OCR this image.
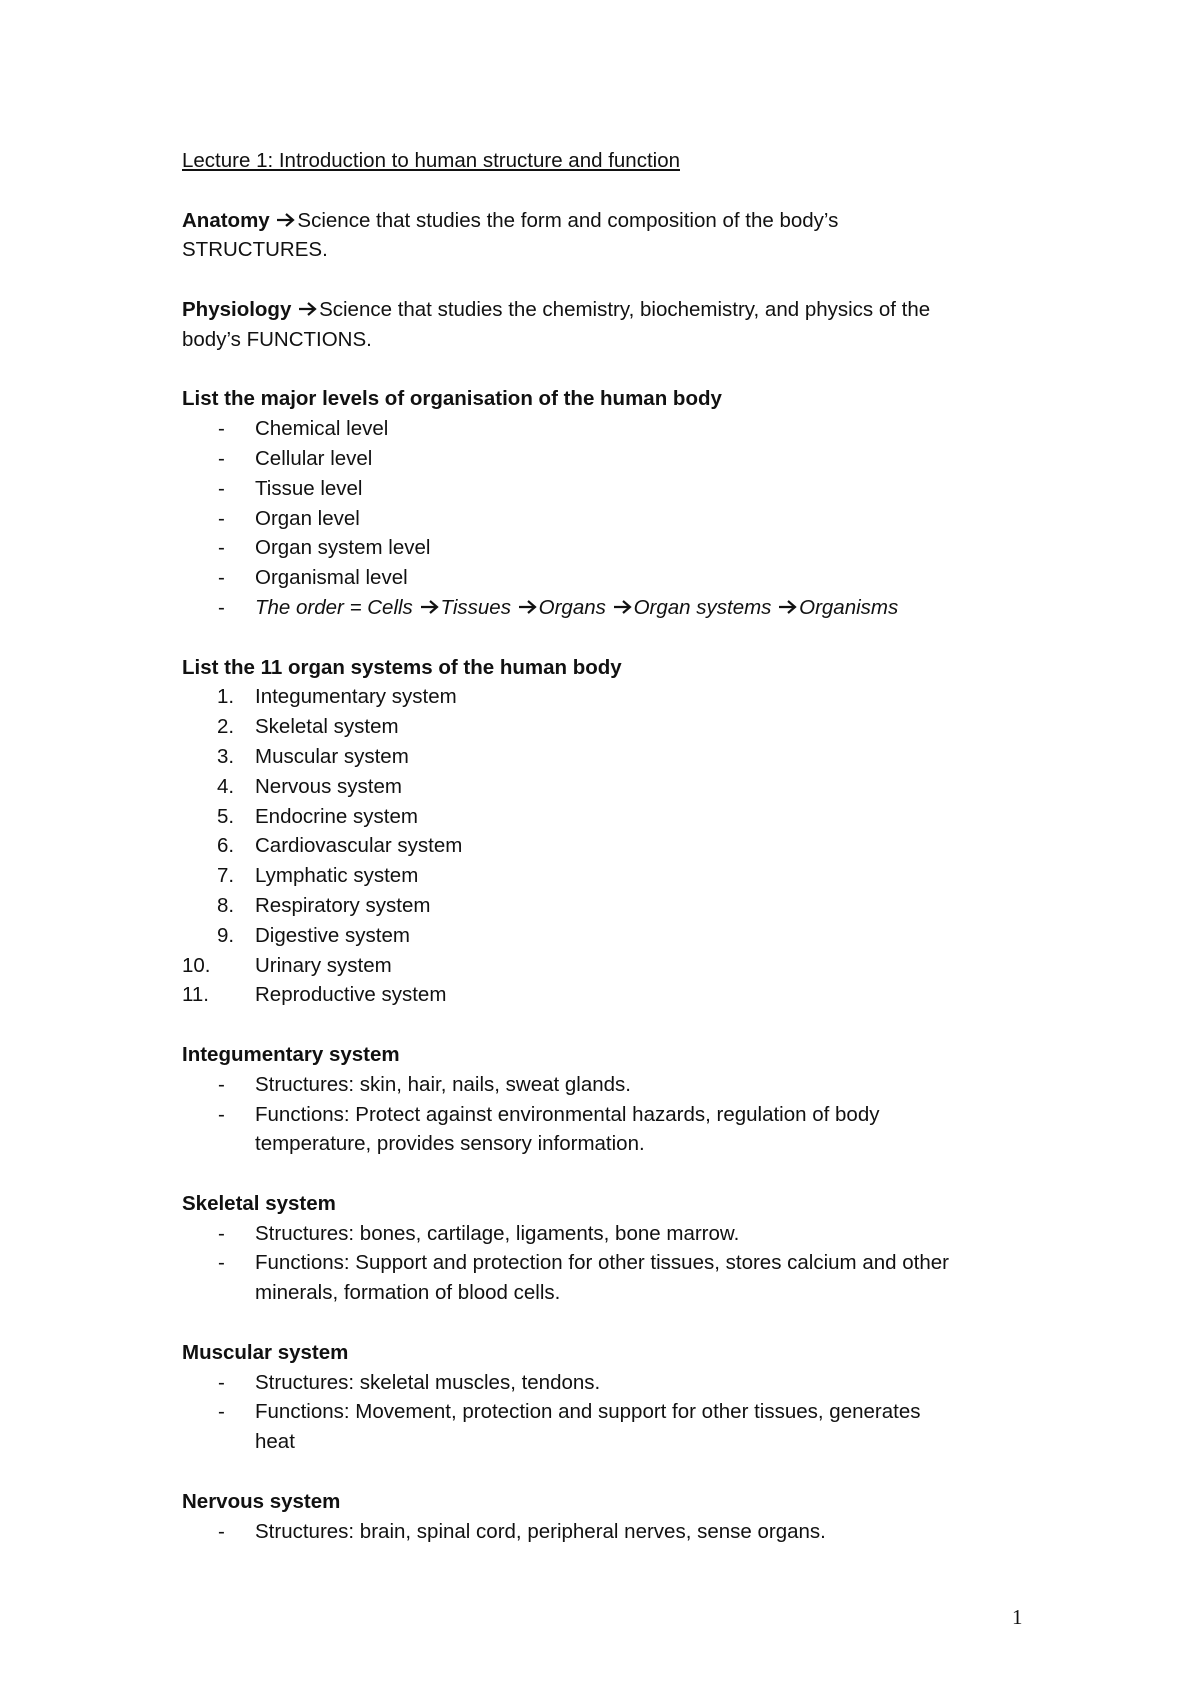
Lecture 1: Introduction to human structure and function
Anatomy Science that studies the form and composition of the body’s
STRUCTURES.
Physiology Science that studies the chemistry, biochemistry, and physics of the
body’s FUNCTIONS.
List the major levels of organisation of the human body
- Chemical level
- Cellular level
- Tissue level
- Organ level
- Organ system level
- Organismal level
- The order = Cells Tissues Organs Organ systems Organisms
List the 11 organ systems of the human body
1. Integumentary system
2. Skeletal system
3. Muscular system
4. Nervous system
5. Endocrine system
6. Cardiovascular system
7. Lymphatic system
8. Respiratory system
9. Digestive system
10. Urinary system
11. Reproductive system
Integumentary system
- Structures: skin, hair, nails, sweat glands.
- Functions: Protect against environmental hazards, regulation of body
temperature, provides sensory information.
Skeletal system
- Structures: bones, cartilage, ligaments, bone marrow.
- Functions: Support and protection for other tissues, stores calcium and other
minerals, formation of blood cells.
Muscular system
- Structures: skeletal muscles, tendons.
- Functions: Movement, protection and support for other tissues, generates
heat
Nervous system
- Structures: brain, spinal cord, peripheral nerves, sense organs.
1
